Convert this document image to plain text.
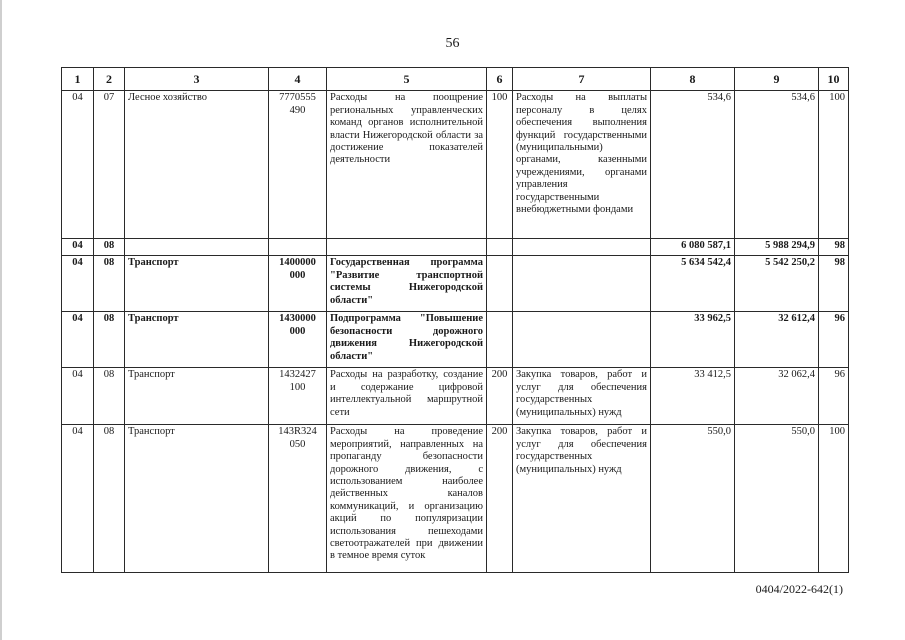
56
1	2	3	4	5	6	7	8	9	10
04	07	Лесное хозяйство	7770555 490	Расходы на поощрение региональных управленческих команд органов исполнительной власти Нижегородской области за достижение показателей деятельности	100	Расходы на выплаты персоналу в целях обеспечения выполнения функций государственными (муниципальными) органами, казенными учреждениями, органами управления государственными внебюджетными фондами	534,6	534,6	100
04	08						6 080 587,1	5 988 294,9	98
04	08	Транспорт	1400000 000	Государственная программа "Развитие транспортной системы Нижегородской области"			5 634 542,4	5 542 250,2	98
04	08	Транспорт	1430000 000	Подпрограмма "Повышение безопасности дорожного движения Нижегородской области"			33 962,5	32 612,4	96
04	08	Транспорт	1432427 100	Расходы на разработку, создание и содержание цифровой интеллектуальной маршрутной сети	200	Закупка товаров, работ и услуг для обеспечения государственных (муниципальных) нужд	33 412,5	32 062,4	96
04	08	Транспорт	143R324 050	Расходы на проведение мероприятий, направленных на пропаганду безопасности дорожного движения, с использованием наиболее действенных каналов коммуникаций, и организацию акций по популяризации использования пешеходами светоотражателей при движении в темное время суток	200	Закупка товаров, работ и услуг для обеспечения государственных (муниципальных) нужд	550,0	550,0	100
0404/2022-642(1)
